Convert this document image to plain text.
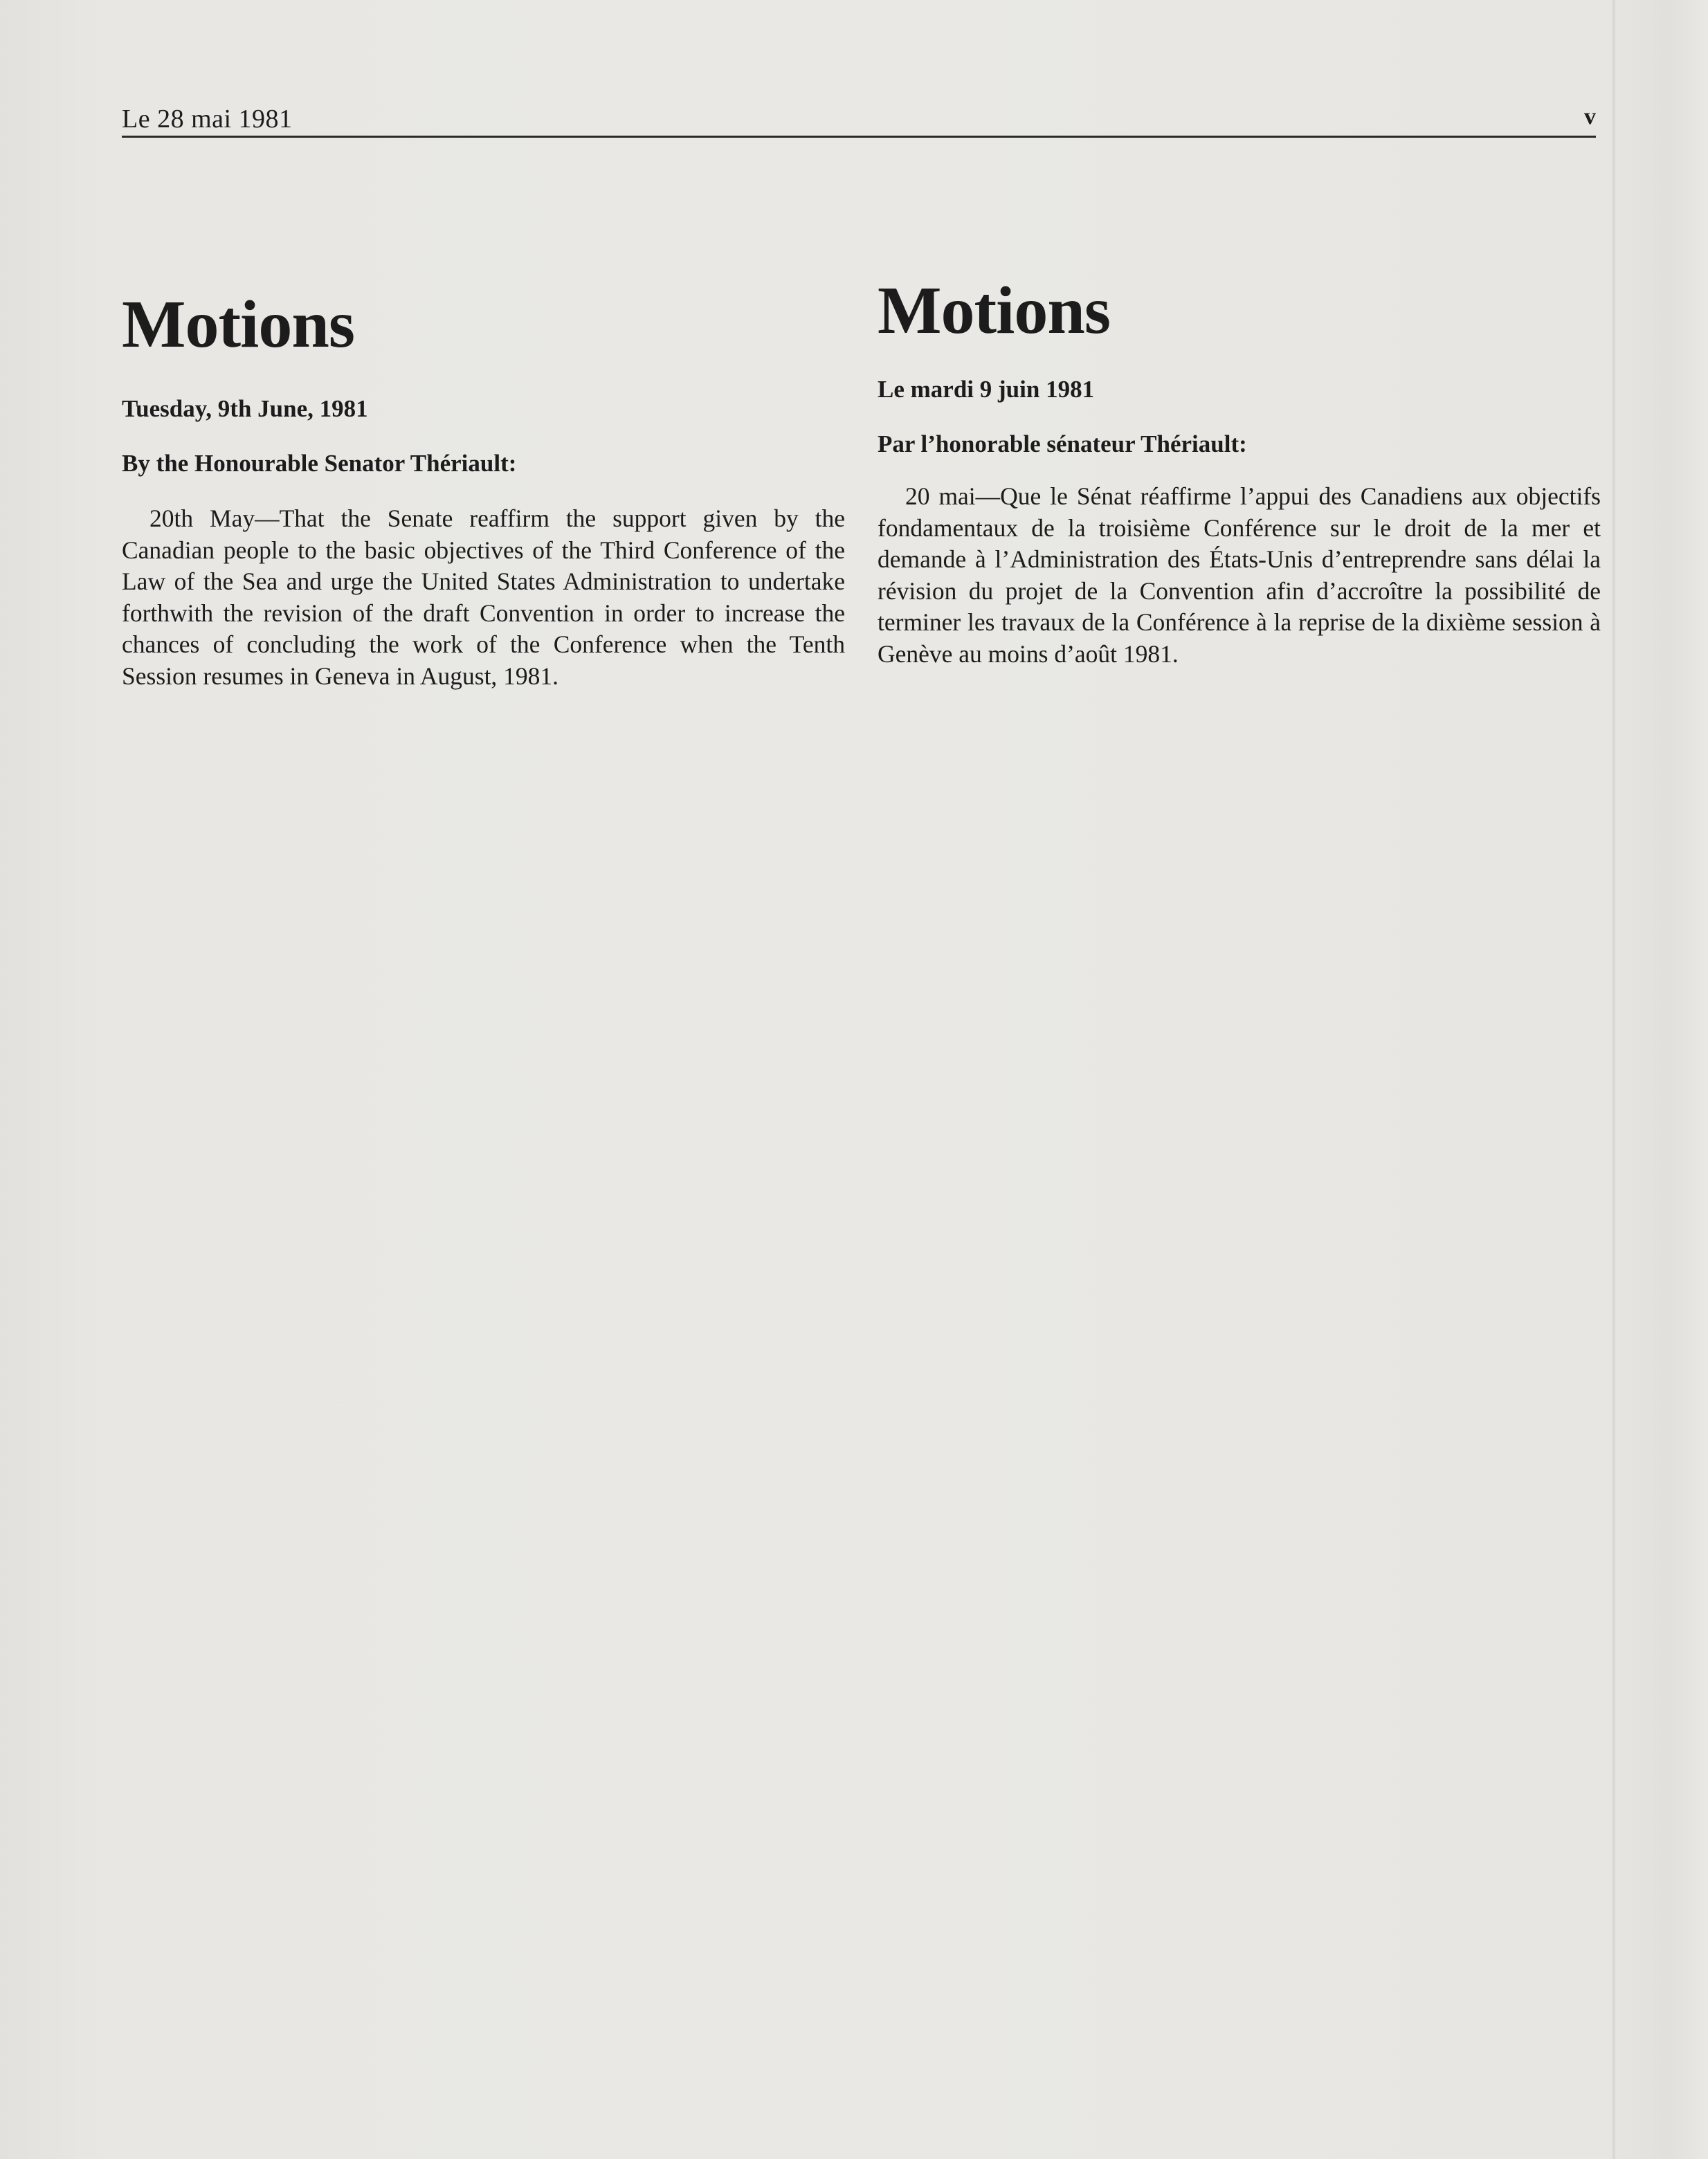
Le 28 mai 1981	v
Motions
Tuesday, 9th June, 1981
By the Honourable Senator Thériault:

20th May—That the Senate reaffirm the support given by the Canadian people to the basic objectives of the Third Conference of the Law of the Sea and urge the United States Administration to undertake forthwith the revision of the draft Convention in order to increase the chances of concluding the work of the Conference when the Tenth Session resumes in Geneva in August, 1981.

Motions
Le mardi 9 juin 1981
Par l’honorable sénateur Thériault:

20 mai—Que le Sénat réaffirme l’appui des Canadiens aux objectifs fondamentaux de la troisième Conférence sur le droit de la mer et demande à l’Administration des États-Unis d’entreprendre sans délai la révision du projet de la Convention afin d’accroître la possibilité de terminer les travaux de la Conférence à la reprise de la dixième session à Genève au moins d’août 1981.
